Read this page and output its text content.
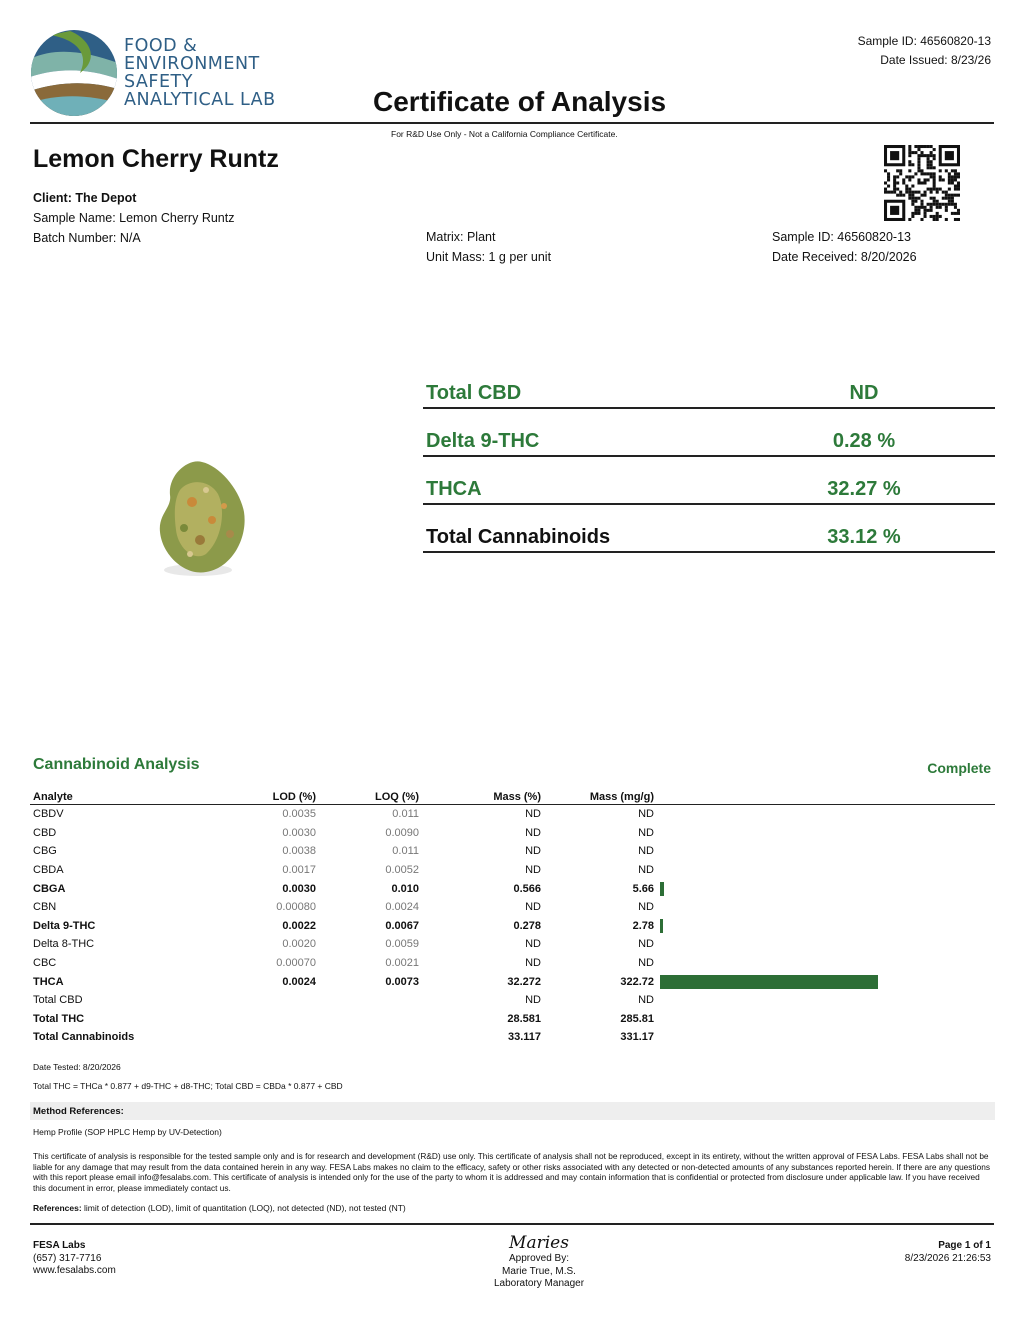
FOOD &
ENVIRONMENT
SAFETY
ANALYTICAL LAB
Sample ID: 46560820-13
Date Issued: 8/23/26
Certificate of Analysis
For R&D Use Only - Not a California Compliance Certificate.
Lemon Cherry Runtz
Client: The Depot
Sample Name: Lemon Cherry Runtz
Batch Number: N/A	Matrix: Plant
Unit Mass: 1 g per unit
Sample ID: 46560820-13
Date Received: 8/20/2026
Total CBD	ND
Delta 9-THC	0.28 %
THCA	32.27 %
Total Cannabinoids	33.12 %
Cannabinoid Analysis	Complete
Analyte	LOD (%)	LOQ (%)	Mass (%)	Mass (mg/g)	
CBDV	0.0035	0.011	ND	ND	
CBD	0.0030	0.0090	ND	ND	
CBG	0.0038	0.011	ND	ND	
CBDA	0.0017	0.0052	ND	ND	
CBGA	0.0030	0.010	0.566	5.66	
CBN	0.00080	0.0024	ND	ND	
Delta 9-THC	0.0022	0.0067	0.278	2.78	
Delta 8-THC	0.0020	0.0059	ND	ND	
CBC	0.00070	0.0021	ND	ND	
THCA	0.0024	0.0073	32.272	322.72	
Total CBD			ND	ND	
Total THC			28.581	285.81	
Total Cannabinoids			33.117	331.17	
Date Tested: 8/20/2026
Total THC = THCa * 0.877 + d9-THC + d8-THC; Total CBD = CBDa * 0.877 + CBD
Method References:
Hemp Profile (SOP HPLC Hemp by UV-Detection)
This certificate of analysis is responsible for the tested sample only and is for research and development (R&D) use only. This certificate of analysis shall not be reproduced, except in its entirety, without the written approval of FESA Labs. FESA Labs shall not be liable for any damage that may result from the data contained herein in any way. FESA Labs makes no claim to the efficacy, safety or other risks associated with any detected or non-detected amounts of any substances reported herein. If there are any questions with this report please email info@fesalabs.com. This certificate of analysis is intended only for the use of the party to whom it is addressed and may contain information that is confidential or protected from disclosure under applicable law. If you have received this document in error, please immediately contact us.
References: limit of detection (LOD), limit of quantitation (LOQ), not detected (ND), not tested (NT)
FESA Labs
(657) 317-7716
www.fesalabs.com
Maries
Approved By:
Marie True, M.S.
Laboratory Manager
Page 1 of 1
8/23/2026 21:26:53
